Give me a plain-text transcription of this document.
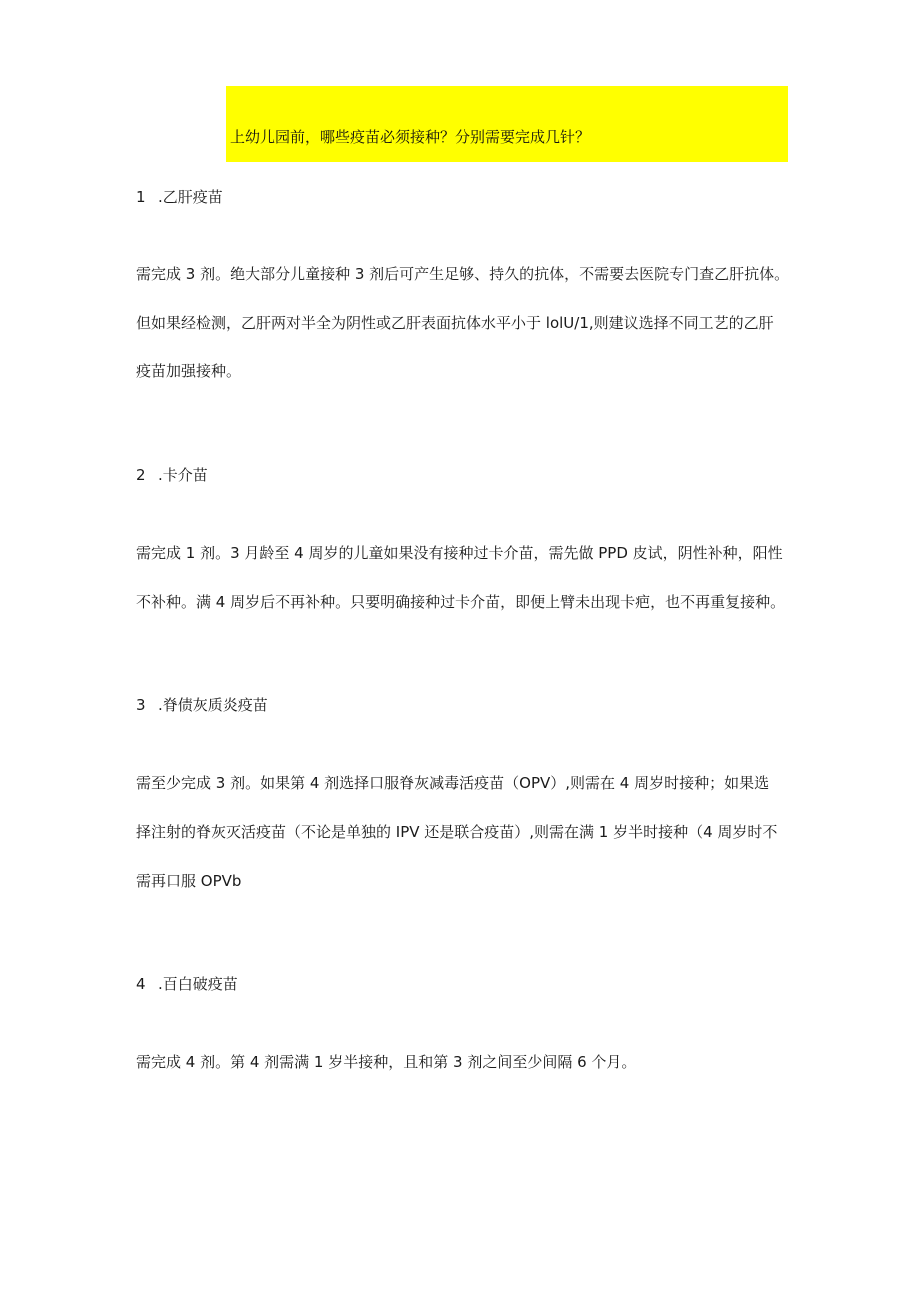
上幼儿园前，哪些疫苗必须接种？分别需要完成几针？
1 .乙肝疫苗
需完成 3 剂。绝大部分儿童接种 3 剂后可产生足够、持久的抗体，不需要去医院专门查乙肝抗体。
但如果经检测，乙肝两对半全为阴性或乙肝表面抗体水平小于 lolU/1,则建议选择不同工艺的乙肝
疫苗加强接种。
2 .卡介苗
需完成 1 剂。3 月龄至 4 周岁的儿童如果没有接种过卡介苗，需先做 PPD 皮试，阴性补种，阳性
不补种。满 4 周岁后不再补种。只要明确接种过卡介苗，即便上臂未出现卡疤，也不再重复接种。
3 .脊债灰质炎疫苗
需至少完成 3 剂。如果第 4 剂选择口服脊灰减毒活疫苗（OPV）,则需在 4 周岁时接种；如果选
择注射的脊灰灭活疫苗（不论是单独的 IPV 还是联合疫苗）,则需在满 1 岁半时接种（4 周岁时不
需再口服 OPVb
4 .百白破疫苗
需完成 4 剂。第 4 剂需满 1 岁半接种，且和第 3 剂之间至少间隔 6 个月。
